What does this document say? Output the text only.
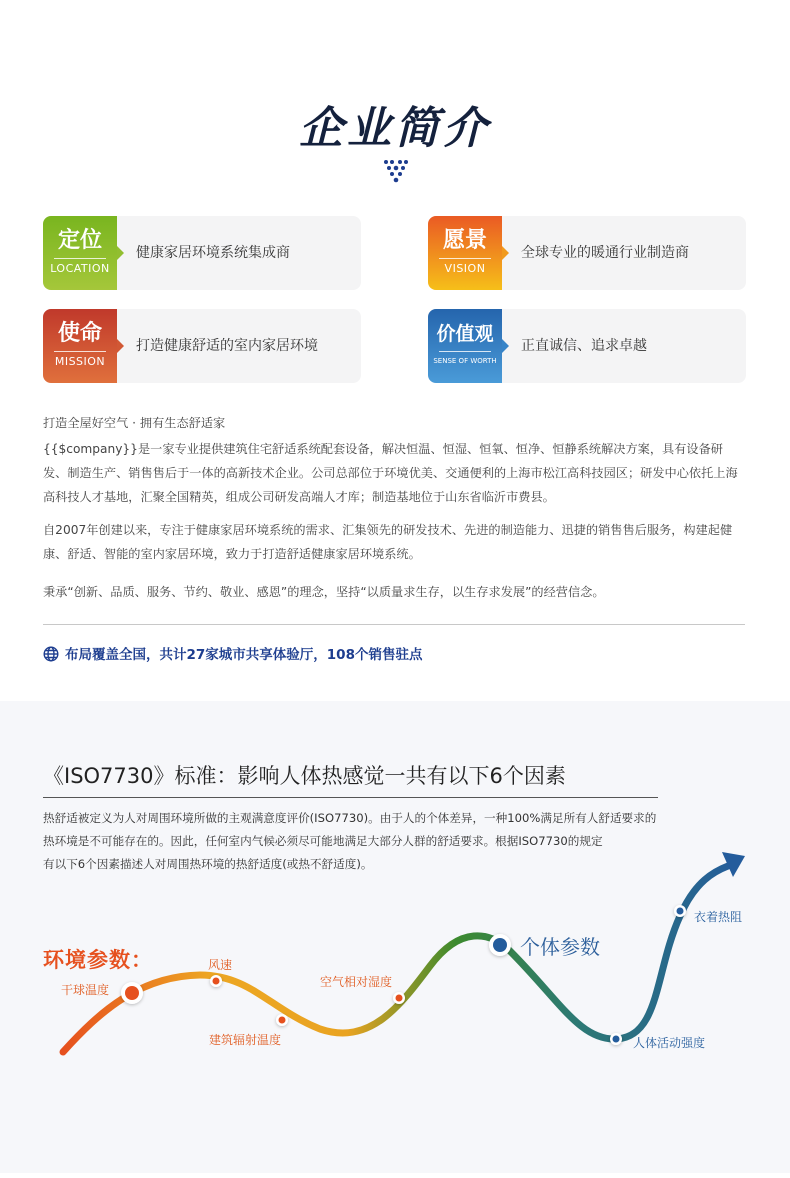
企业简介
定位
LOCATION
健康家居环境系统集成商	愿景
VISION
全球专业的暖通行业制造商
使命
MISSION
打造健康舒适的室内家居环境
价值观
SENSE OF WORTH
正直诚信、追求卓越
打造全屋好空气 · 拥有生态舒适家
{{$company}}是一家专业提供建筑住宅舒适系统配套设备，解决恒温、恒湿、恒氧、恒净、恒静系统解决方案，具有设备研发、制造生产、销售售后于一体的高新技术企业。公司总部位于环境优美、交通便利的上海市松江高科技园区；研发中心依托上海高科技人才基地，汇聚全国精英，组成公司研发高端人才库；制造基地位于山东省临沂市费县。
自2007年创建以来，专注于健康家居环境系统的需求、汇集领先的研发技术、先进的制造能力、迅捷的销售售后服务，构建起健康、舒适、智能的室内家居环境，致力于打造舒适健康家居环境系统。
秉承“创新、品质、服务、节约、敬业、感恩”的理念，坚持“以质量求生存，以生存求发展”的经营信念。
布局覆盖全国，共计27家城市共享体验厅，108个销售驻点
《ISO7730》标准：影响人体热感觉一共有以下6个因素
热舒适被定义为人对周围环境所做的主观满意度评价(ISO7730)。由于人的个体差异，一种100%满足所有人舒适要求的
热环境是不可能存在的。因此，任何室内气候必须尽可能地满足大部分人群的舒适要求。根据ISO7730的规定
有以下6个因素描述人对周围热环境的热舒适度(或热不舒适度)。
环境参数：
个体参数
干球温度
风速
建筑辐射温度
空气相对湿度
人体活动强度
衣着热阻
